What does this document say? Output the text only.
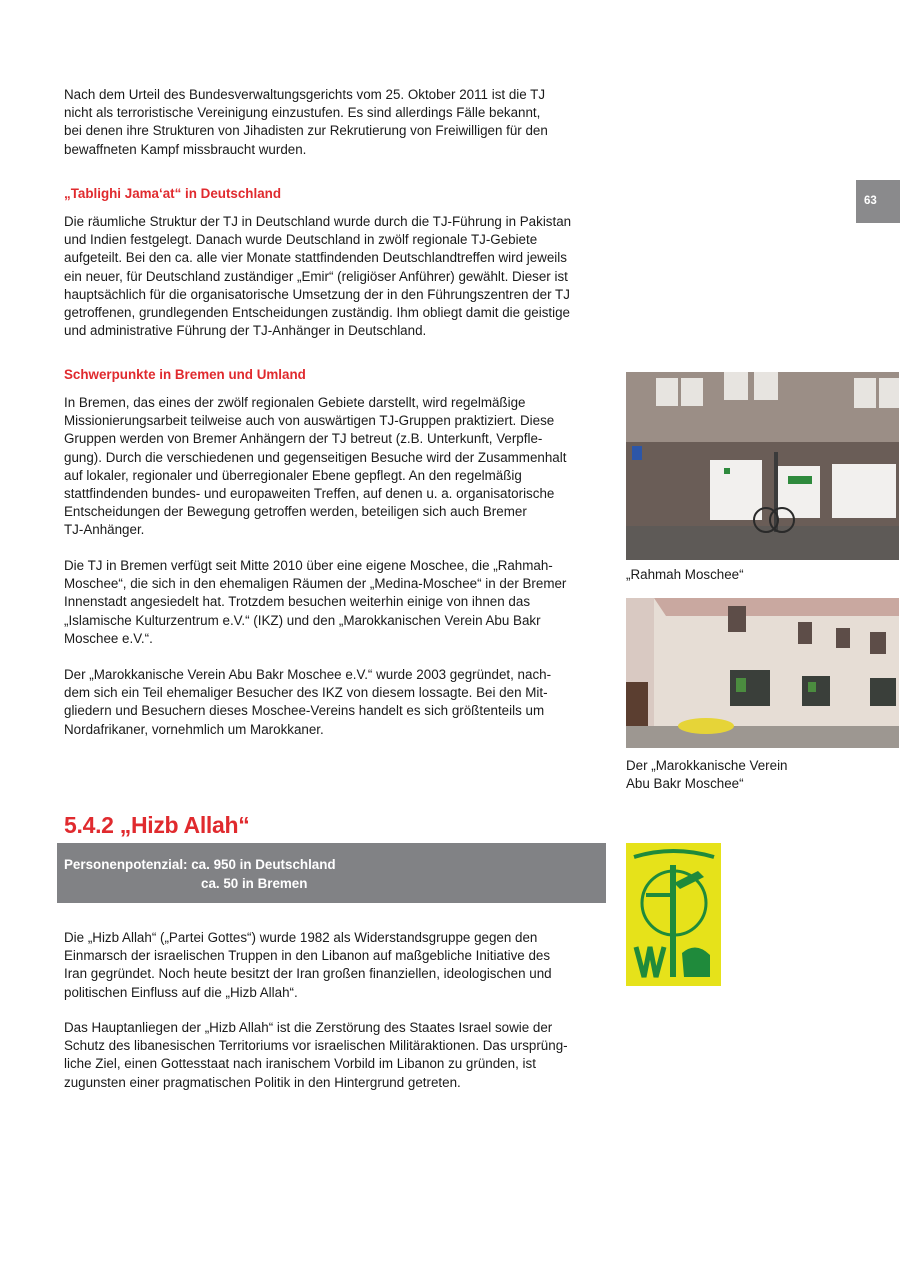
Nach dem Urteil des Bundesverwaltungsgerichts vom 25. Oktober 2011 ist die TJ
nicht als terroristische Vereinigung einzustufen. Es sind allerdings Fälle bekannt,
bei denen ihre Strukturen von Jihadisten zur Rekrutierung von Freiwilligen für den
bewaffneten Kampf missbraucht wurden.

63
„Tablighi Jama‘at“ in Deutschland

Die räumliche Struktur der TJ in Deutschland wurde durch die TJ-Führung in Pakistan
und Indien festgelegt. Danach wurde Deutschland in zwölf regionale TJ-Gebiete
aufgeteilt. Bei den ca. alle vier Monate stattfindenden Deutschlandtreffen wird jeweils
ein neuer, für Deutschland zuständiger „Emir“ (religiöser Anführer) gewählt. Dieser ist
hauptsächlich für die organisatorische Umsetzung der in den Führungszentren der TJ
getroffenen, grundlegenden Entscheidungen zuständig. Ihm obliegt damit die geistige
und administrative Führung der TJ-Anhänger in Deutschland.

Schwerpunkte in Bremen und Umland

In Bremen, das eines der zwölf regionalen Gebiete darstellt, wird regelmäßige
Missionierungsarbeit teilweise auch von auswärtigen TJ-Gruppen praktiziert. Diese
Gruppen werden von Bremer Anhängern der TJ betreut (z.B. Unterkunft, Verpfle-
gung). Durch die verschiedenen und gegenseitigen Besuche wird der Zusammenhalt
auf lokaler, regionaler und überregionaler Ebene gepflegt. An den regelmäßig
stattfindenden bundes- und europaweiten Treffen, auf denen u. a. organisatorische
Entscheidungen der Bewegung getroffen werden, beteiligen sich auch Bremer
TJ-Anhänger.

Die TJ in Bremen verfügt seit Mitte 2010 über eine eigene Moschee, die „Rahmah-
Moschee“, die sich in den ehemaligen Räumen der „Medina-Moschee“ in der Bremer
Innenstadt angesiedelt hat. Trotzdem besuchen weiterhin einige von ihnen das
„Islamische Kulturzentrum e.V.“ (IKZ) und den „Marokkanischen Verein Abu Bakr
Moschee e.V.“.

Der „Marokkanische Verein Abu Bakr Moschee e.V.“ wurde 2003 gegründet, nach-
dem sich ein Teil ehemaliger Besucher des IKZ von diesem lossagte. Bei den Mit-
gliedern und Besuchern dieses Moschee-Vereins handelt es sich größtenteils um
Nordafrikaner, vornehmlich um Marokkaner.

„Rahmah Moschee“

Der „Marokkanische Verein
Abu Bakr Moschee“

5.4.2 „Hizb Allah“
Personenpotenzial: ca. 950 in Deutschland
ca. 50 in Bremen

Die „Hizb Allah“ („Partei Gottes“) wurde 1982 als Widerstandsgruppe gegen den
Einmarsch der israelischen Truppen in den Libanon auf maßgebliche Initiative des
Iran gegründet. Noch heute besitzt der Iran großen finanziellen, ideologischen und
politischen Einfluss auf die „Hizb Allah“.

Das Hauptanliegen der „Hizb Allah“ ist die Zerstörung des Staates Israel sowie der
Schutz des libanesischen Territoriums vor israelischen Militäraktionen. Das ursprüng-
liche Ziel, einen Gottesstaat nach iranischem Vorbild im Libanon zu gründen, ist
zugunsten einer pragmatischen Politik in den Hintergrund getreten.
